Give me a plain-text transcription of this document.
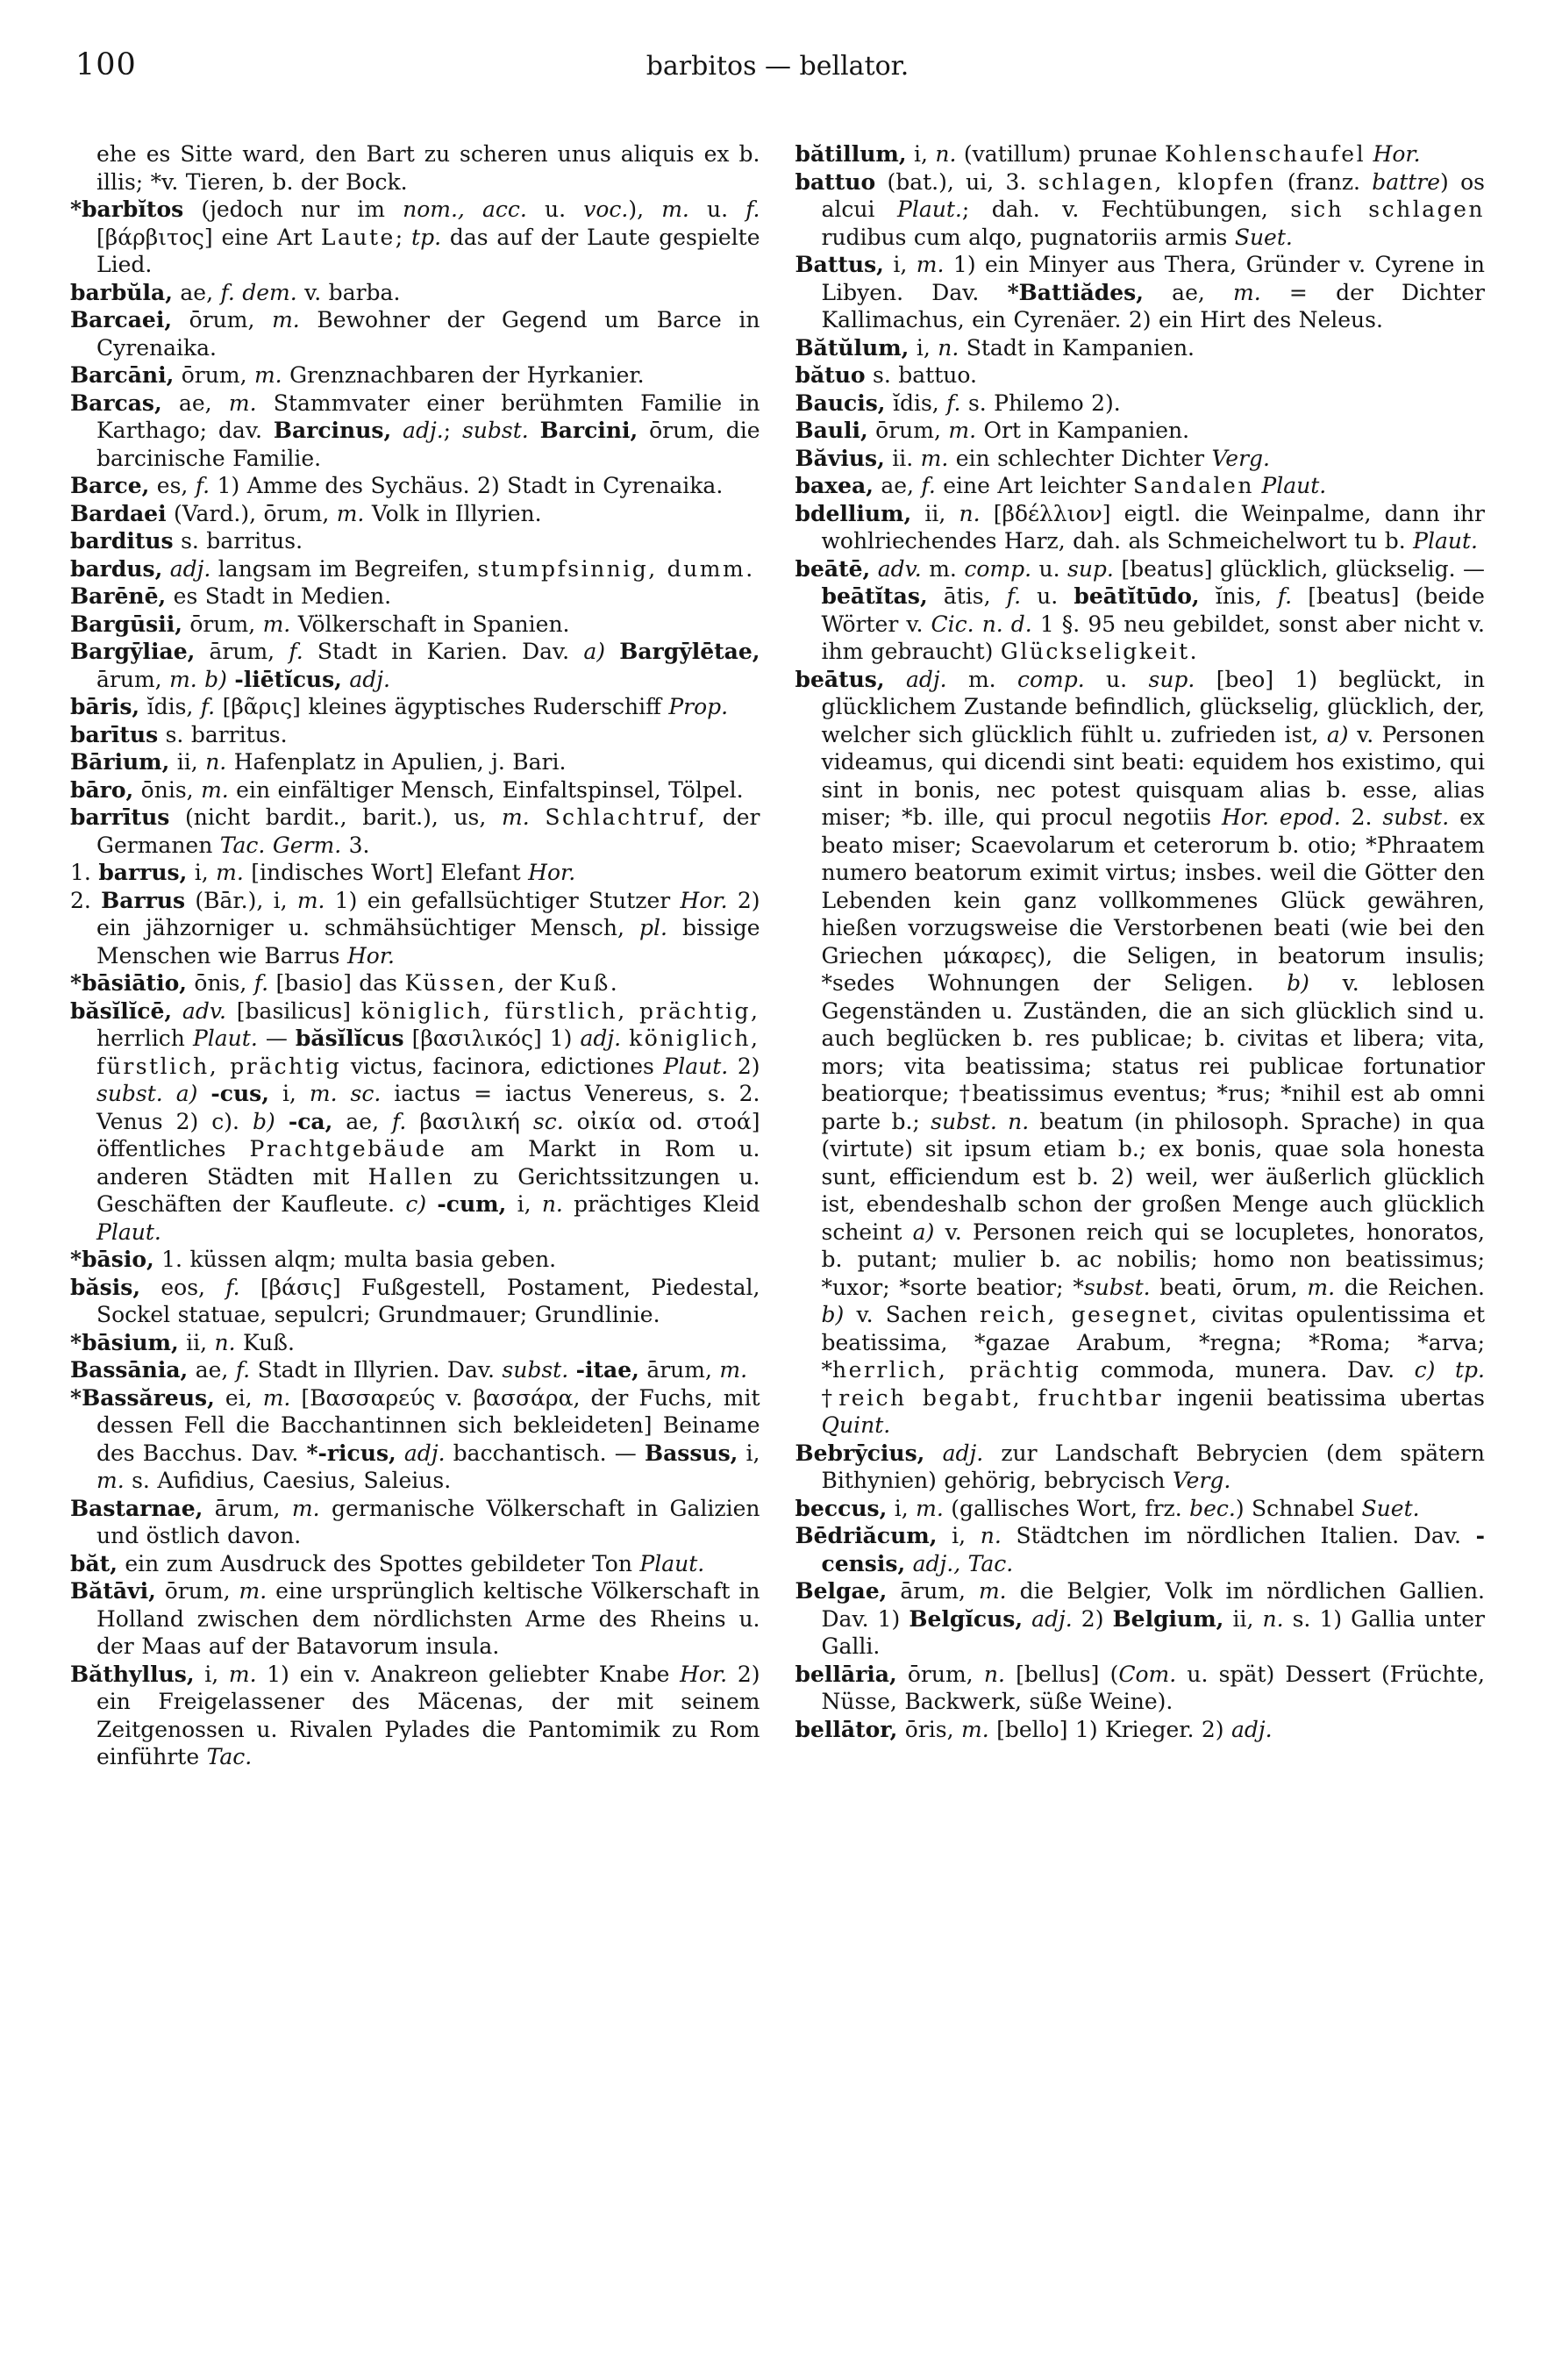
100	barbitos — bellator.

ehe es Sitte ward, den Bart zu scheren unus aliquis ex b. illis; *v. Tieren, b. der Bock.

*barbĭtos (jedoch nur im nom., acc. u. voc.), m. u. f. [βάρβιτος] eine Art Laute; tp. das auf der Laute gespielte Lied.

barbŭla, ae, f. dem. v. barba.

Barcaei, ōrum, m. Bewohner der Gegend um Barce in Cyrenaika.

Barcāni, ōrum, m. Grenznachbaren der Hyrkanier.

Barcas, ae, m. Stammvater einer berühmten Familie in Karthago; dav. Barcinus, adj.; subst. Barcini, ōrum, die barcinische Familie.

Barce, es, f. 1) Amme des Sychäus. 2) Stadt in Cyrenaika.

Bardaei (Vard.), ōrum, m. Volk in Illyrien.

barditus s. barritus.

bardus, adj. langsam im Begreifen, stumpfsinnig, dumm.

Barēnē, es Stadt in Medien.

Bargūsii, ōrum, m. Völkerschaft in Spanien.

Bargȳliae, ārum, f. Stadt in Karien. Dav. a) Bargȳlētae, ārum, m. b) -liētĭcus, adj.

bāris, ĭdis, f. [βᾶρις] kleines ägyptisches Ruderschiff Prop.

barītus s. barritus.

Bārium, ii, n. Hafenplatz in Apulien, j. Bari.

bāro, ōnis, m. ein einfältiger Mensch, Einfaltspinsel, Tölpel.

barrītus (nicht bardit., barit.), us, m. Schlachtruf, der Germanen Tac. Germ. 3.

1. barrus, i, m. [indisches Wort] Elefant Hor.

2. Barrus (Bār.), i, m. 1) ein gefallsüchtiger Stutzer Hor. 2) ein jähzorniger u. schmähsüchtiger Mensch, pl. bissige Menschen wie Barrus Hor.

*bāsiātio, ōnis, f. [basio] das Küssen, der Kuß.

băsĭlĭcē, adv. [basilicus] königlich, fürstlich, prächtig, herrlich Plaut. — băsĭlĭcus [βασιλικός] 1) adj. königlich, fürstlich, prächtig victus, facinora, edictiones Plaut. 2) subst. a) -cus, i, m. sc. iactus = iactus Venereus, s. 2. Venus 2) c). b) -ca, ae, f. βασιλική sc. οἰκία od. στοά] öffentliches Prachtgebäude am Markt in Rom u. anderen Städten mit Hallen zu Gerichtssitzungen u. Geschäften der Kaufleute. c) -cum, i, n. prächtiges Kleid Plaut.

*bāsio, 1. küssen alqm; multa basia geben.

băsis, eos, f. [βάσις] Fußgestell, Postament, Piedestal, Sockel statuae, sepulcri; Grundmauer; Grundlinie.

*bāsium, ii, n. Kuß.

Bassānia, ae, f. Stadt in Illyrien. Dav. subst. -itae, ārum, m.

*Bassăreus, ei, m. [Βασσαρεύς v. βασσάρα, der Fuchs, mit dessen Fell die Bacchantinnen sich bekleideten] Beiname des Bacchus. Dav. *-ricus, adj. bacchantisch. — Bassus, i, m. s. Aufidius, Caesius, Saleius.

Bastarnae, ārum, m. germanische Völkerschaft in Galizien und östlich davon.

băt, ein zum Ausdruck des Spottes gebildeter Ton Plaut.

Bătāvi, ōrum, m. eine ursprünglich keltische Völkerschaft in Holland zwischen dem nördlichsten Arme des Rheins u. der Maas auf der Batavorum insula.

Băthyllus, i, m. 1) ein v. Anakreon geliebter Knabe Hor. 2) ein Freigelassener des Mäcenas, der mit seinem Zeitgenossen u. Rivalen Pylades die Pantomimik zu Rom einführte Tac.

bătillum, i, n. (vatillum) prunae Kohlenschaufel Hor.

battuo (bat.), ui, 3. schlagen, klopfen (franz. battre) os alcui Plaut.; dah. v. Fechtübungen, sich schlagen rudibus cum alqo, pugnatoriis armis Suet.

Battus, i, m. 1) ein Minyer aus Thera, Gründer v. Cyrene in Libyen. Dav. *Battiădes, ae, m. = der Dichter Kallimachus, ein Cyrenäer. 2) ein Hirt des Neleus.

Bătŭlum, i, n. Stadt in Kampanien.

bătuo s. battuo.

Baucis, ĭdis, f. s. Philemo 2).

Bauli, ōrum, m. Ort in Kampanien.

Băvius, ii. m. ein schlechter Dichter Verg.

baxea, ae, f. eine Art leichter Sandalen Plaut.

bdellium, ii, n. [βδέλλιον] eigtl. die Weinpalme, dann ihr wohlriechendes Harz, dah. als Schmeichelwort tu b. Plaut.

beātē, adv. m. comp. u. sup. [beatus] glücklich, glückselig. — beātĭtas, ātis, f. u. beātĭtūdo, ĭnis, f. [beatus] (beide Wörter v. Cic. n. d. 1 §. 95 neu gebildet, sonst aber nicht v. ihm gebraucht) Glückseligkeit.

beātus, adj. m. comp. u. sup. [beo] 1) beglückt, in glücklichem Zustande befindlich, glückselig, glücklich, der, welcher sich glücklich fühlt u. zufrieden ist, a) v. Personen videamus, qui dicendi sint beati: equidem hos existimo, qui sint in bonis, nec potest quisquam alias b. esse, alias miser; *b. ille, qui procul negotiis Hor. epod. 2. subst. ex beato miser; Scaevolarum et ceterorum b. otio; *Phraatem numero beatorum eximit virtus; insbes. weil die Götter den Lebenden kein ganz vollkommenes Glück gewähren, hießen vorzugsweise die Verstorbenen beati (wie bei den Griechen μάκαρες), die Seligen, in beatorum insulis; *sedes Wohnungen der Seligen. b) v. leblosen Gegenständen u. Zuständen, die an sich glücklich sind u. auch beglücken b. res publicae; b. civitas et libera; vita, mors; vita beatissima; status rei publicae fortunatior beatiorque; †beatissimus eventus; *rus; *nihil est ab omni parte b.; subst. n. beatum (in philosoph. Sprache) in qua (virtute) sit ipsum etiam b.; ex bonis, quae sola honesta sunt, efficiendum est b. 2) weil, wer äußerlich glücklich ist, ebendeshalb schon der großen Menge auch glücklich scheint a) v. Personen reich qui se locupletes, honoratos, b. putant; mulier b. ac nobilis; homo non beatissimus; *uxor; *sorte beatior; *subst. beati, ōrum, m. die Reichen. b) v. Sachen reich, gesegnet, civitas opulentissima et beatissima, *gazae Arabum, *regna; *Roma; *arva; *herrlich, prächtig commoda, munera. Dav. c) tp. †reich begabt, fruchtbar ingenii beatissima ubertas Quint.

Bebrȳcius, adj. zur Landschaft Bebrycien (dem spätern Bithynien) gehörig, bebrycisch Verg.

beccus, i, m. (gallisches Wort, frz. bec.) Schnabel Suet.

Bēdriăcum, i, n. Städtchen im nördlichen Italien. Dav. -censis, adj., Tac.

Belgae, ārum, m. die Belgier, Volk im nördlichen Gallien. Dav. 1) Belgĭcus, adj. 2) Belgium, ii, n. s. 1) Gallia unter Galli.

bellāria, ōrum, n. [bellus] (Com. u. spät) Dessert (Früchte, Nüsse, Backwerk, süße Weine).

bellātor, ōris, m. [bello] 1) Krieger. 2) adj.
